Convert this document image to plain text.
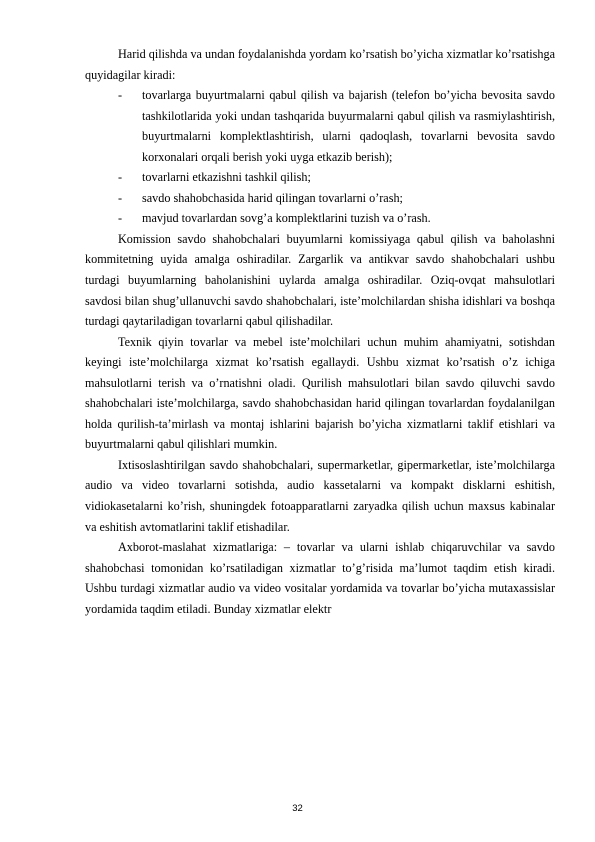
Harid qilishda va undan foydalanishda yordam ko’rsatish bo’yicha xizmatlar ko’rsatishga quyidagilar kiradi:

- tovarlarga buyurtmalarni qabul qilish va bajarish (telefon bo’yicha bevosita savdo tashkilotlarida yoki undan tashqarida buyurmalarni qabul qilish va rasmiylashtirish, buyurtmalarni komplektlashtirish, ularni qadoqlash, tovarlarni bevosita savdo korxonalari orqali berish yoki uyga etkazib berish);
- tovarlarni etkazishni tashkil qilish;
- savdo shahobchasida harid qilingan tovarlarni o’rash;
- mavjud tovarlardan sovg’a komplektlarini tuzish va o’rash.

Komission savdo shahobchalari buyumlarni komissiyaga qabul qilish va baholashni kommitetning uyida amalga oshiradilar. Zargarlik va antikvar savdo shahobchalari ushbu turdagi buyumlarning baholanishini uylarda amalga oshiradilar. Oziq-ovqat mahsulotlari savdosi bilan shug’ullanuvchi savdo shahobchalari, iste’molchilardan shisha idishlari va boshqa turdagi qaytariladigan tovarlarni qabul qilishadilar.

Texnik qiyin tovarlar va mebel iste’molchilari uchun muhim ahamiyatni, sotishdan keyingi iste’molchilarga xizmat ko’rsatish egallaydi. Ushbu xizmat ko’rsatish o’z ichiga mahsulotlarni terish va o’rnatishni oladi. Qurilish mahsulotlari bilan savdo qiluvchi savdo shahobchalari iste’molchilarga, savdo shahobchasidan harid qilingan tovarlardan foydalanilgan holda qurilish-ta’mirlash va montaj ishlarini bajarish bo’yicha xizmatlarni taklif etishlari va buyurtmalarni qabul qilishlari mumkin.

Ixtisoslashtirilgan savdo shahobchalari, supermarketlar, gipermarketlar, iste’molchilarga audio va video tovarlarni sotishda, audio kassetalarni va kompakt disklarni eshitish, vidiokasetalarni ko’rish, shuningdek fotoapparatlarni zaryadka qilish uchun maxsus kabinalar va eshitish avtomatlarini taklif etishadilar.

Axborot-maslahat xizmatlariga: – tovarlar va ularni ishlab chiqaruvchilar va savdo shahobchasi tomonidan ko’rsatiladigan xizmatlar to’g’risida ma’lumot taqdim etish kiradi. Ushbu turdagi xizmatlar audio va video vositalar yordamida va tovarlar bo’yicha mutaxassislar yordamida taqdim etiladi. Bunday xizmatlar elektr

32
